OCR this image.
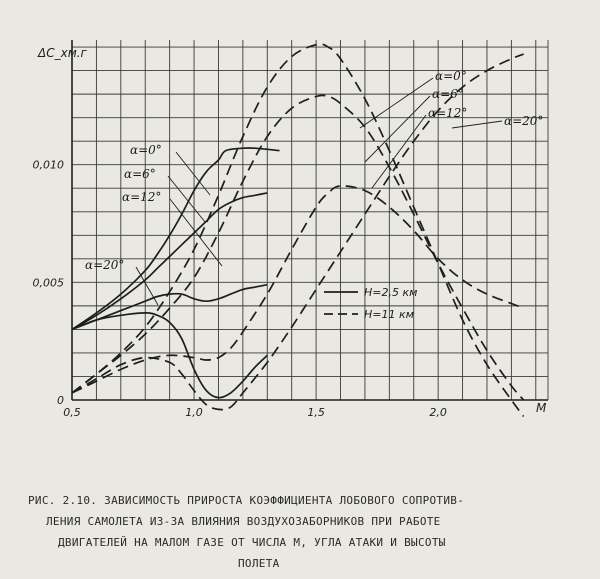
0,5	1,0	1,5	2,0
0
0,005
0,010
α=0°
α=6°
α=12°
α=20°
α=0°
α=6°
α=12°
α=20°
H=2,5 км
H=11 км
ΔC_xм.г
M
РИС. 2.10. ЗАВИСИМОСТЬ ПРИРОСТА КОЭФФИЦИЕНТА ЛОБОВОГО СОПРОТИВ-
ЛЕНИЯ САМОЛЕТА ИЗ-ЗА ВЛИЯНИЯ ВОЗДУХОЗАБОРНИКОВ ПРИ РАБОТЕ
ДВИГАТЕЛЕЙ НА МАЛОМ ГАЗЕ ОТ ЧИСЛА М, УГЛА АТАКИ И ВЫСОТЫ
ПОЛЕТА
